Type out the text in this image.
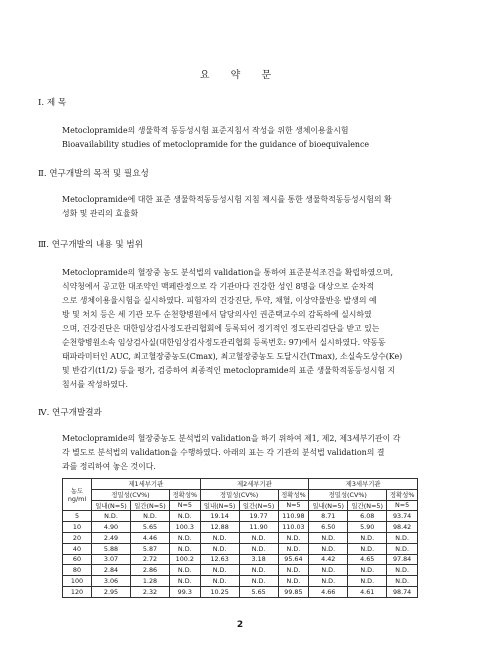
요 약 문
Ⅰ. 제 목
Metoclopramide의 생물학적 동등성시험 표준지침서 작성을 위한 생체이용율시험
Bioavailability studies of metoclopramide for the guidance of bioequivalence
Ⅱ. 연구개발의 목적 및 필요성
Metoclopramide에 대한 표준 생물학적동등성시험 지침 제시를 통한 생물학적동등성시험의 확
성화 및 관리의 효율화
Ⅲ. 연구개발의 내용 및 범위
Metoclopramide의 혈장중 농도 분석법의 validation을 통하여 표준분석조건을 확립하였으며,
식약청에서 공고한 대조약인 맥페란정으로 각 기관마다 건강한 성인 8명을 대상으로 순차적
으로 생체이용율시험을 실시하였다. 피험자의 건강진단, 투약, 채혈, 이상약물반응 발생의 예
방 및 처치 등은 세 기관 모두 순천향병원에서 담당의사인 권준택교수의 감독하에 실시하였
으며, 건강진단은 대한임상검사정도관리협회에 등록되어 정기적인 정도관리검단을 받고 있는
순천향병원소속 임상검사실(대한임상검사정도관리협회 등록번호: 97)에서 실시하였다. 약동동
태파라미터인 AUC, 최고혈장중농도(Cmax), 최고혈장중농도 도달시간(Tmax), 소실속도상수(Ke)
및 반감기(t1/2) 등을 평가, 검증하여 최종적인 metoclopramide의 표준 생물학적동등성시험 지
침서를 작성하였다.
Ⅳ. 연구개발결과
Metoclopramide의 혈장중농도 분석법의 validation을 하기 위하여 제1, 제2, 제3세부기관이 각
각 별도로 분석법의 validation을 수행하였다. 아래의 표는 각 기관의 분석법 validation의 결
과를 정리하여 놓은 것이다.
농도
ng/ml	제1세부기관			제2세부기관			제3세부기관		
	정밀성(CV%)		정확성%	정밀성(CV%)		정확성%	정밀성(CV%)		정확성%
	일내(N=5)	일간(N=5)	N=5	일내(N=5)	일간(N=5)	N=5	일내(N=5)	일간(N=5)	N=5
5	N.D.	N.D.	N.D.	19.14	19.77	110.98	8.71	6.08	93.74
10	4.90	5.65	100.3	12.88	11.90	110.03	6.50	5.90	98.42
20	2.49	4.46	N.D.	N.D.	N.D.	N.D.	N.D.	N.D.	N.D.
40	5.88	5.87	N.D.	N.D.	N.D.	N.D.	N.D.	N.D.	N.D.
60	3.07	2.72	100.2	12.63	3.18	95.64	4.42	4.65	97.84
80	2.84	2.86	N.D.	N.D.	N.D.	N.D.	N.D.	N.D.	N.D.
100	3.06	1.28	N.D.	N.D.	N.D.	N.D.	N.D.	N.D.	N.D.
120	2.95	2.32	99.3	10.25	5.65	99.85	4.66	4.61	98.74
2
